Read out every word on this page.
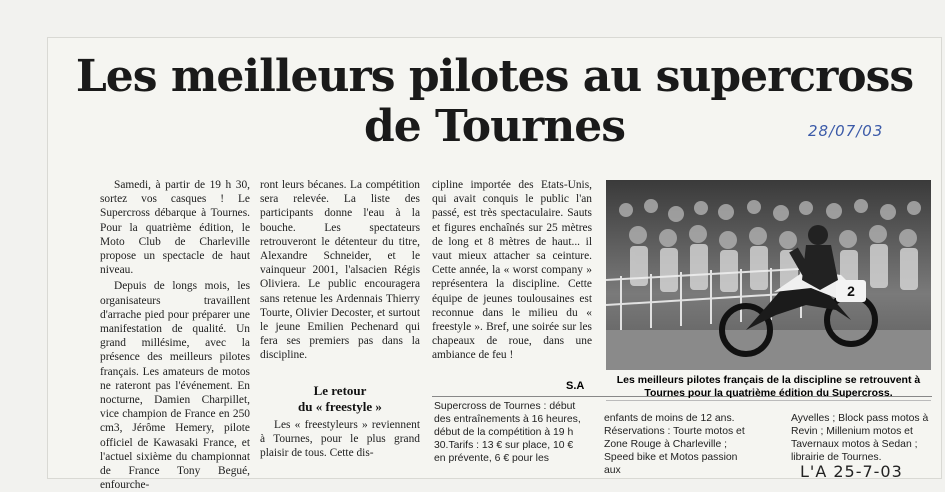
Les meilleurs pilotes au supercross
de Tournes	28/07/03

Samedi, à partir de 19 h 30, sortez vos casques ! Le Supercross débarque à Tournes. Pour la quatrième édition, le Moto Club de Charleville propose un spectacle de haut niveau.

Depuis de longs mois, les organisateurs travaillent d'arrache pied pour préparer une manifestation de qualité. Un grand millésime, avec la présence des meilleurs pilotes français. Les amateurs de motos ne rateront pas l'événement. En nocturne, Damien Charpillet, vice champion de France en 250 cm3, Jérôme Hemery, pilote officiel de Kawasaki France, et l'actuel sixième du championnat de France Tony Begué, enfourche-

ront leurs bécanes. La compétition sera relevée. La liste des participants donne l'eau à la bouche. Les spectateurs retrouveront le détenteur du titre, Alexandre Schneider, et le vainqueur 2001, l'alsacien Régis Oliviera. Le public encouragera sans retenue les Ardennais Thierry Tourte, Olivier Decoster, et surtout le jeune Emilien Pechenard qui fera ses premiers pas dans la discipline.

Le retour
du « freestyle »

Les « freestyleurs » reviennent à Tournes, pour le plus grand plaisir de tous. Cette dis-

cipline importée des Etats-Unis, qui avait conquis le public l'an passé, est très spectaculaire. Sauts et figures enchaînés sur 25 mètres de long et 8 mètres de haut... il vaut mieux attacher sa ceinture. Cette année, la « worst company » représentera la discipline. Cette équipe de jeunes toulousaines est reconnue dans le milieu du « freestyle ». Bref, une soirée sur les chapeaux de roue, dans une ambiance de feu !

S.A
2
Les meilleurs pilotes français de la discipline se retrouvent à Tournes pour la quatrième édition du Supercross.
Supercross de Tournes : début des entraînements à 16 heures, début de la compétition à 19 h 30.Tarifs : 13 € sur place, 10 € en prévente, 6 € pour les
enfants de moins de 12 ans. Réservations : Tourte motos et Zone Rouge à Charleville ; Speed bike et Motos passion aux
Ayvelles ; Block pass motos à Revin ; Millenium motos et Tavernaux motos à Sedan ; librairie de Tournes.
L'A 25-7-03
